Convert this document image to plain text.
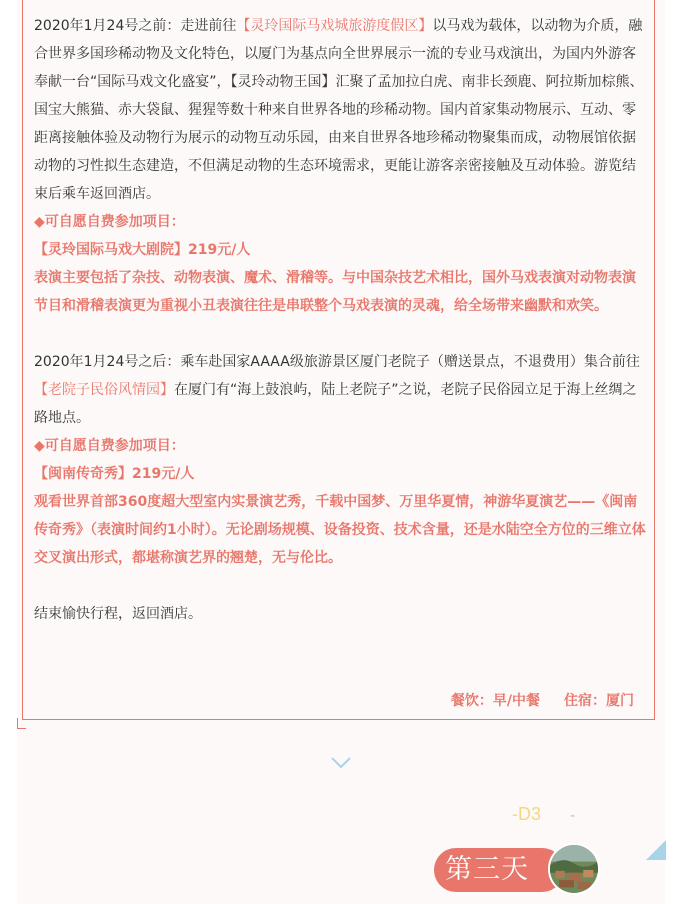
2020年1月24号之前：走进前往【灵玲国际马戏城旅游度假区】以马戏为载体，以动物为介质，融合世界多国珍稀动物及文化特色，以厦门为基点向全世界展示一流的专业马戏演出，为国内外游客奉献一台“国际马戏文化盛宴”，【灵玲动物王国】汇聚了孟加拉白虎、南非长颈鹿、阿拉斯加棕熊、国宝大熊猫、赤大袋鼠、猩猩等数十种来自世界各地的珍稀动物。国内首家集动物展示、互动、零距离接触体验及动物行为展示的动物互动乐园，由来自世界各地珍稀动物聚集而成，动物展馆依据动物的习性拟生态建造，不但满足动物的生态环境需求，更能让游客亲密接触及互动体验。游览结束后乘车返回酒店。

◆可自愿自费参加项目：

【灵玲国际马戏大剧院】219元/人

表演主要包括了杂技、动物表演、魔术、滑稽等。与中国杂技艺术相比，国外马戏表演对动物表演节目和滑稽表演更为重视小丑表演往往是串联整个马戏表演的灵魂，给全场带来幽默和欢笑。

2020年1月24号之后：乘车赴国家AAAA级旅游景区厦门老院子（赠送景点，不退费用）集合前往【老院子民俗风情园】在厦门有“海上鼓浪屿，陆上老院子”之说，老院子民俗园立足于海上丝绸之路地点。

◆可自愿自费参加项目：

【闽南传奇秀】219元/人

观看世界首部360度超大型室内实景演艺秀，千载中国梦、万里华夏情，神游华夏演艺——《闽南传奇秀》（表演时间约1小时）。无论剧场规模、设备投资、技术含量，还是水陆空全方位的三维立体交叉演出形式，都堪称演艺界的翘楚，无与伦比。

结束愉快行程，返回酒店。

餐饮：早/中餐 住宿：厦门
-D3 -
第三天
